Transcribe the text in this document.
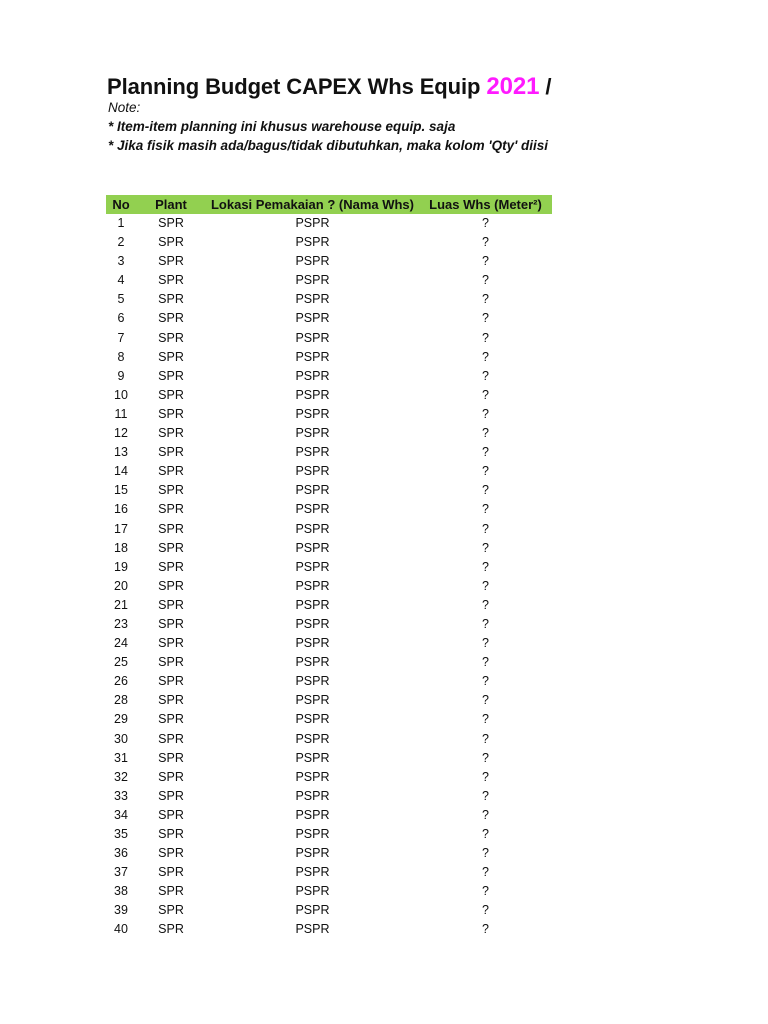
Planning Budget CAPEX Whs Equip 2021 /
Note:
* Item-item planning ini khusus warehouse equip. saja
* Jika fisik masih ada/bagus/tidak dibutuhkan, maka kolom 'Qty' diisi
No	Plant	Lokasi Pemakaian ? (Nama Whs)	Luas Whs (Meter²)
1	SPR	PSPR	?
2	SPR	PSPR	?
3	SPR	PSPR	?
4	SPR	PSPR	?
5	SPR	PSPR	?
6	SPR	PSPR	?
7	SPR	PSPR	?
8	SPR	PSPR	?
9	SPR	PSPR	?
10	SPR	PSPR	?
11	SPR	PSPR	?
12	SPR	PSPR	?
13	SPR	PSPR	?
14	SPR	PSPR	?
15	SPR	PSPR	?
16	SPR	PSPR	?
17	SPR	PSPR	?
18	SPR	PSPR	?
19	SPR	PSPR	?
20	SPR	PSPR	?
21	SPR	PSPR	?
23	SPR	PSPR	?
24	SPR	PSPR	?
25	SPR	PSPR	?
26	SPR	PSPR	?
28	SPR	PSPR	?
29	SPR	PSPR	?
30	SPR	PSPR	?
31	SPR	PSPR	?
32	SPR	PSPR	?
33	SPR	PSPR	?
34	SPR	PSPR	?
35	SPR	PSPR	?
36	SPR	PSPR	?
37	SPR	PSPR	?
38	SPR	PSPR	?
39	SPR	PSPR	?
40	SPR	PSPR	?
